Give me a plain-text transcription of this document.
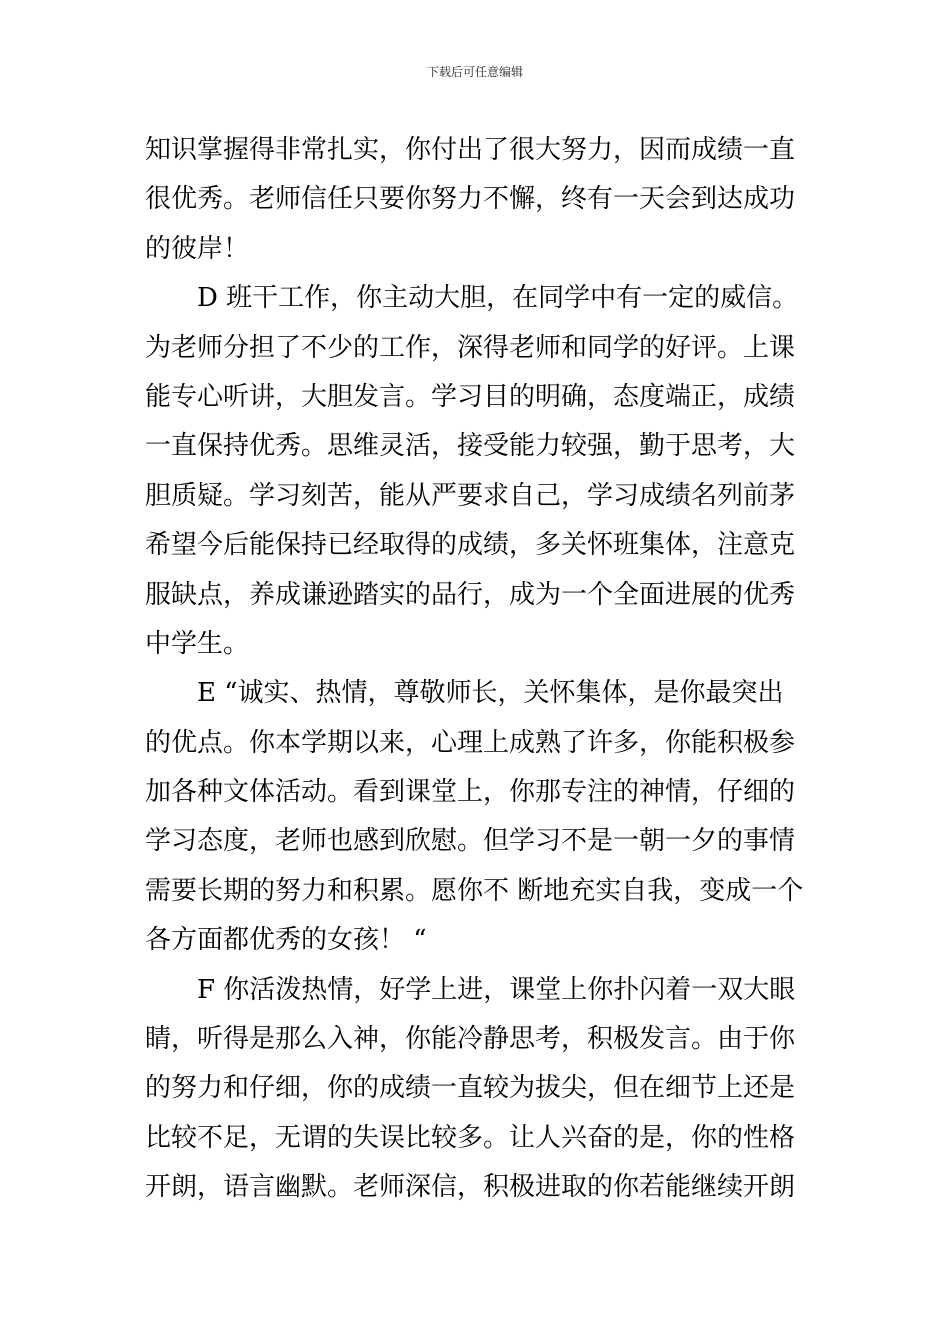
下载后可任意编辑
知识掌握得非常扎实，你付出了很大努力，因而成绩一直
很优秀。老师信任只要你努力不懈，终有一天会到达成功
的彼岸！
D 班干工作，你主动大胆，在同学中有一定的威信。
为老师分担了不少的工作，深得老师和同学的好评。上课
能专心听讲，大胆发言。学习目的明确，态度端正，成绩
一直保持优秀。思维灵活，接受能力较强，勤于思考，大
胆质疑。学习刻苦，能从严要求自己，学习成绩名列前茅
希望今后能保持已经取得的成绩，多关怀班集体，注意克
服缺点，养成谦逊踏实的品行，成为一个全面进展的优秀
中学生。
E “诚实、热情，尊敬师长，关怀集体，是你最突出
的优点。你本学期以来，心理上成熟了许多，你能积极参
加各种文体活动。看到课堂上，你那专注的神情，仔细的
学习态度，老师也感到欣慰。但学习不是一朝一夕的事情
需要长期的努力和积累。愿你不 断地充实自我，变成一个
各方面都优秀的女孩！ “
F 你活泼热情，好学上进，课堂上你扑闪着一双大眼
睛，听得是那么入神，你能冷静思考，积极发言。由于你
的努力和仔细，你的成绩一直较为拔尖，但在细节上还是
比较不足，无谓的失误比较多。让人兴奋的是，你的性格
开朗，语言幽默。老师深信，积极进取的你若能继续开朗
